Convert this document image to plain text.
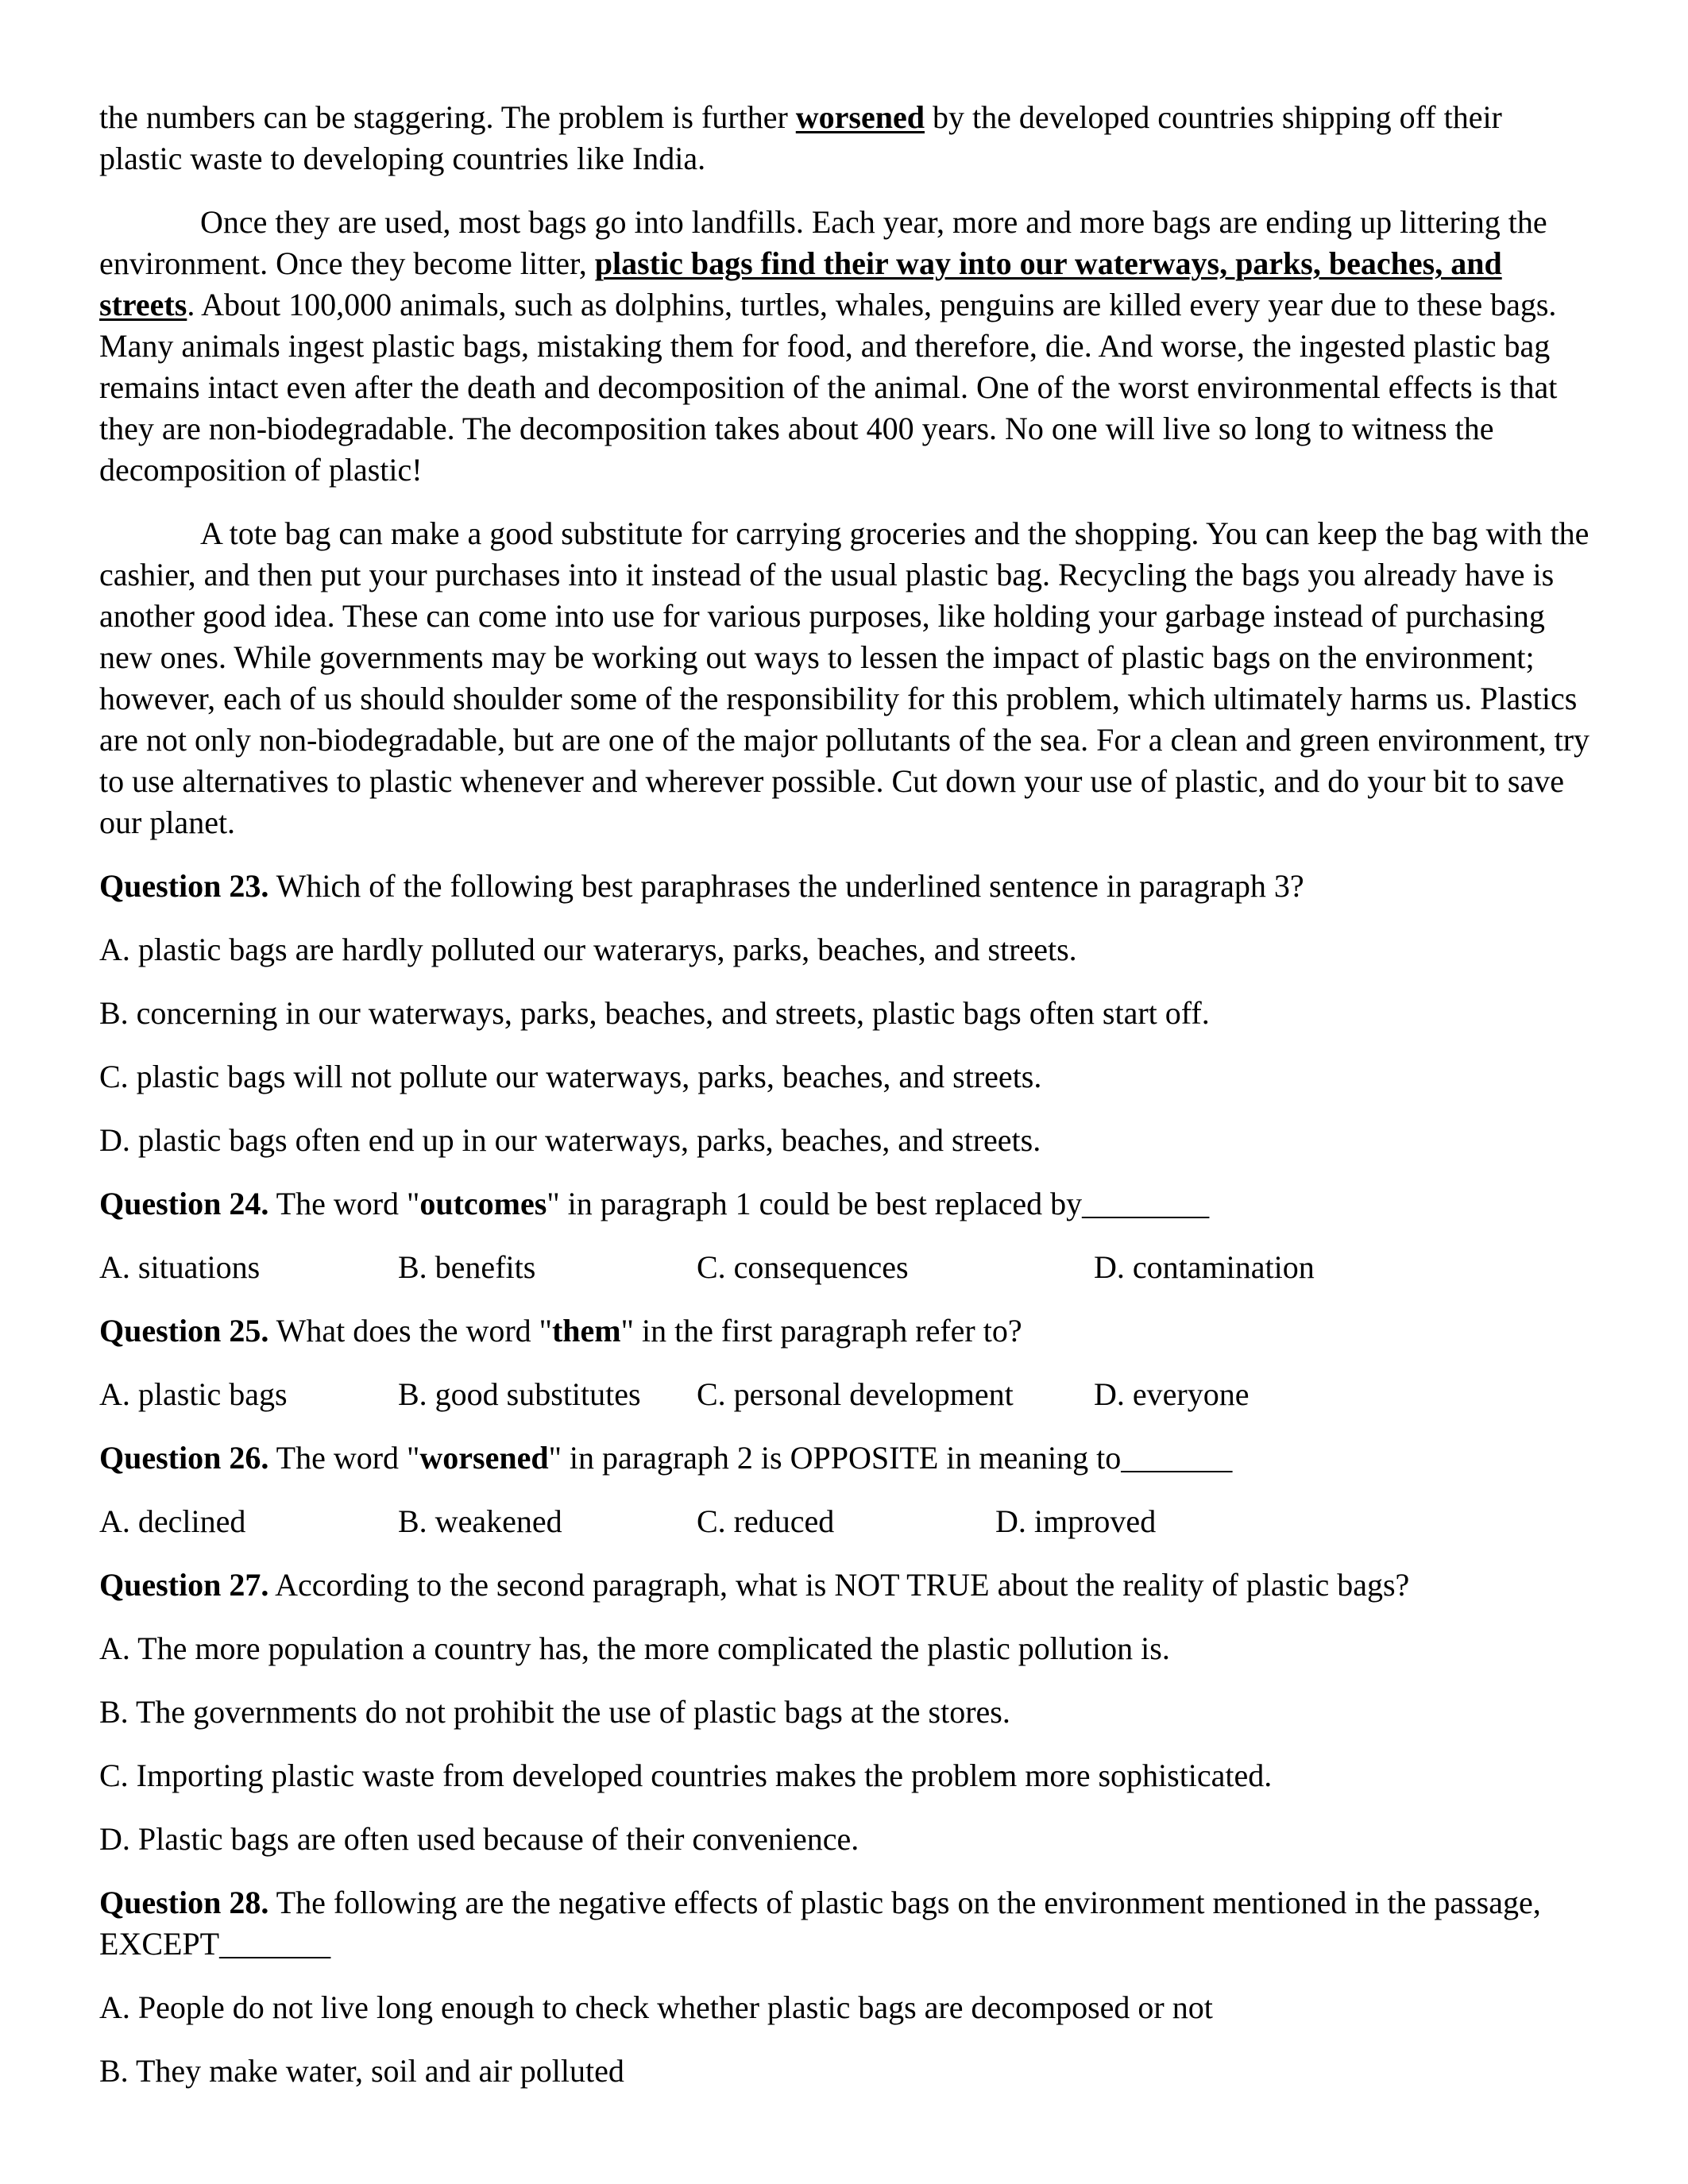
the numbers can be staggering. The problem is further worsened by the developed countries shipping off their plastic waste to developing countries like India.

Once they are used, most bags go into landfills. Each year, more and more bags are ending up littering the environment. Once they become litter, plastic bags find their way into our waterways, parks, beaches, and streets. About 100,000 animals, such as dolphins, turtles, whales, penguins are killed every year due to these bags. Many animals ingest plastic bags, mistaking them for food, and therefore, die. And worse, the ingested plastic bag remains intact even after the death and decomposition of the animal. One of the worst environmental effects is that they are non-biodegradable. The decomposition takes about 400 years. No one will live so long to witness the decomposition of plastic!

A tote bag can make a good substitute for carrying groceries and the shopping. You can keep the bag with the cashier, and then put your purchases into it instead of the usual plastic bag. Recycling the bags you already have is another good idea. These can come into use for various purposes, like holding your garbage instead of purchasing new ones. While governments may be working out ways to lessen the impact of plastic bags on the environment; however, each of us should shoulder some of the responsibility for this problem, which ultimately harms us. Plastics are not only non-biodegradable, but are one of the major pollutants of the sea. For a clean and green environment, try to use alternatives to plastic whenever and wherever possible. Cut down your use of plastic, and do your bit to save our planet.

Question 23. Which of the following best paraphrases the underlined sentence in paragraph 3?

A. plastic bags are hardly polluted our waterarys, parks, beaches, and streets.

B. concerning in our waterways, parks, beaches, and streets, plastic bags often start off.

C. plastic bags will not pollute our waterways, parks, beaches, and streets.

D. plastic bags often end up in our waterways, parks, beaches, and streets.

Question 24. The word "outcomes" in paragraph 1 could be best replaced by________

A. situations	B. benefits	C. consequences	D. contamination

Question 25. What does the word "them" in the first paragraph refer to?

A. plastic bags	B. good substitutes	C. personal development	D. everyone

Question 26. The word "worsened" in paragraph 2 is OPPOSITE in meaning to_______

A. declined	B. weakened	C. reduced	D. improved

Question 27. According to the second paragraph, what is NOT TRUE about the reality of plastic bags?

A. The more population a country has, the more complicated the plastic pollution is.

B. The governments do not prohibit the use of plastic bags at the stores.

C. Importing plastic waste from developed countries makes the problem more sophisticated.

D. Plastic bags are often used because of their convenience.

Question 28. The following are the negative effects of plastic bags on the environment mentioned in the passage, EXCEPT_______

A. People do not live long enough to check whether plastic bags are decomposed or not

B. They make water, soil and air polluted
